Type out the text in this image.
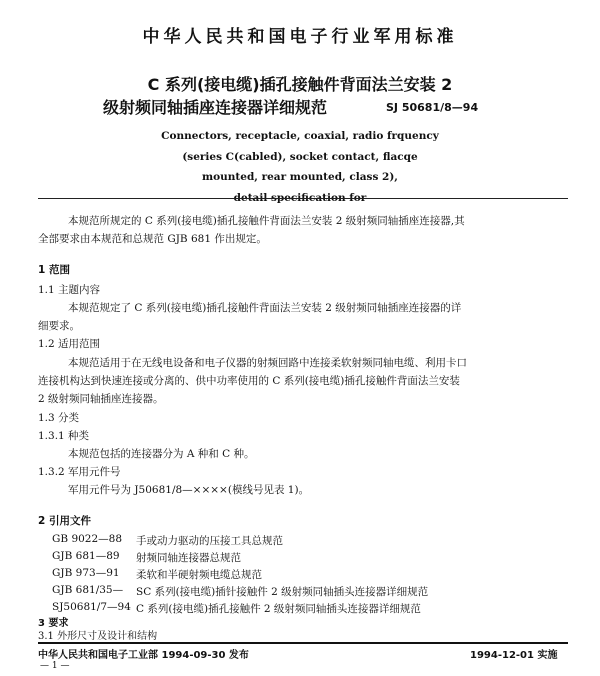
中华人民共和国电子行业军用标准
C 系列(接电缆)插孔接触件背面法兰安装 2
级射频同轴插座连接器详细规范	SJ 50681/8—94
Connectors, receptacle, coaxial, radio frquency
(series C(cabled), socket contact, flacqe
mounted, rear mounted, class 2),
detail specification for
本规范所规定的 C 系列(接电缆)插孔接触件背面法兰安装 2 级射频同轴插座连接器,其
全部要求由本规范和总规范 GJB 681 作出规定。
1 范围
1.1 主题内容
本规范规定了 C 系列(接电缆)插孔接触件背面法兰安装 2 级射频同轴插座连接器的详
细要求。
1.2 适用范围
本规范适用于在无线电设备和电子仪器的射频回路中连接柔软射频同轴电缆、利用卡口
连接机构达到快速连接或分离的、供中功率使用的 C 系列(接电缆)插孔接触件背面法兰安装
2 级射频同轴插座连接器。
1.3 分类
1.3.1 种类
本规范包括的连接器分为 A 种和 C 种。
1.3.2 军用元件号
军用元件号为 J50681/8—××××(模线号见表 1)。
2 引用文件
GB 9022—88 手或动力驱动的压接工具总规范
GJB 681—89 射频同轴连接器总规范
GJB 973—91 柔软和半硬射频电缆总规范
GJB 681/35— SC 系列(接电缆)插针接触件 2 级射频同轴插头连接器详细规范
SJ50681/7—94 C 系列(接电缆)插孔接触件 2 级射频同轴插头连接器详细规范
3 要求
3.1 外形尺寸及设计和结构
中华人民共和国电子工业部 1994-09-30 发布	1994-12-01 实施
— 1 —
